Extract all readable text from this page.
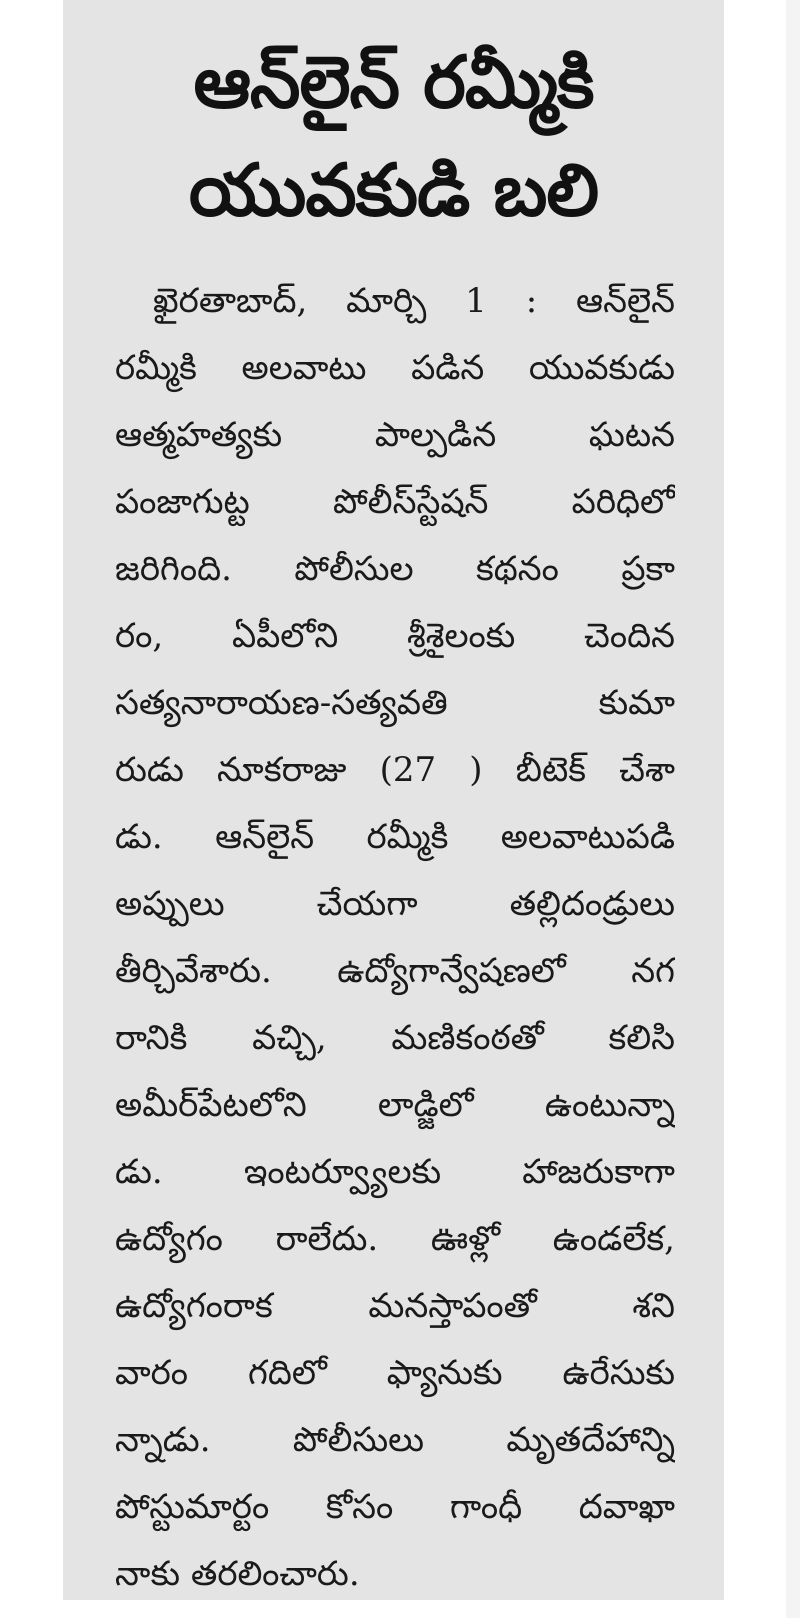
ఆన్‌లైన్ రమ్మీకి
యువకుడి బలి
ఖైరతాబాద్, మార్చి 1 : ఆన్‌లైన్
రమ్మీకి అలవాటు పడిన యువకుడు
ఆత్మహత్యకు పాల్పడిన ఘటన
పంజాగుట్ట పోలీస్‌స్టేషన్ పరిధిలో
జరిగింది. పోలీసుల కథనం ప్రకా
రం, ఏపీలోని శ్రీశైలంకు చెందిన
సత్యనారాయణ-సత్యవతి కుమా
రుడు నూకరాజు (27 ) బీటెక్ చేశా
డు. ఆన్‌లైన్ రమ్మీకి అలవాటుపడి
అప్పులు చేయగా తల్లిదండ్రులు
తీర్చివేశారు. ఉద్యోగాన్వేషణలో నగ
రానికి వచ్చి, మణికంఠతో కలిసి
అమీర్‌పేటలోని లాడ్జిలో ఉంటున్నా
డు. ఇంటర్వ్యూలకు హాజరుకాగా
ఉద్యోగం రాలేదు. ఊళ్లో ఉండలేక,
ఉద్యోగంరాక మనస్తాపంతో శని
వారం గదిలో ఫ్యానుకు ఉరేసుకు
న్నాడు. పోలీసులు మృతదేహాన్ని
పోస్టుమార్టం కోసం గాంధీ దవాఖా
నాకు తరలించారు.
